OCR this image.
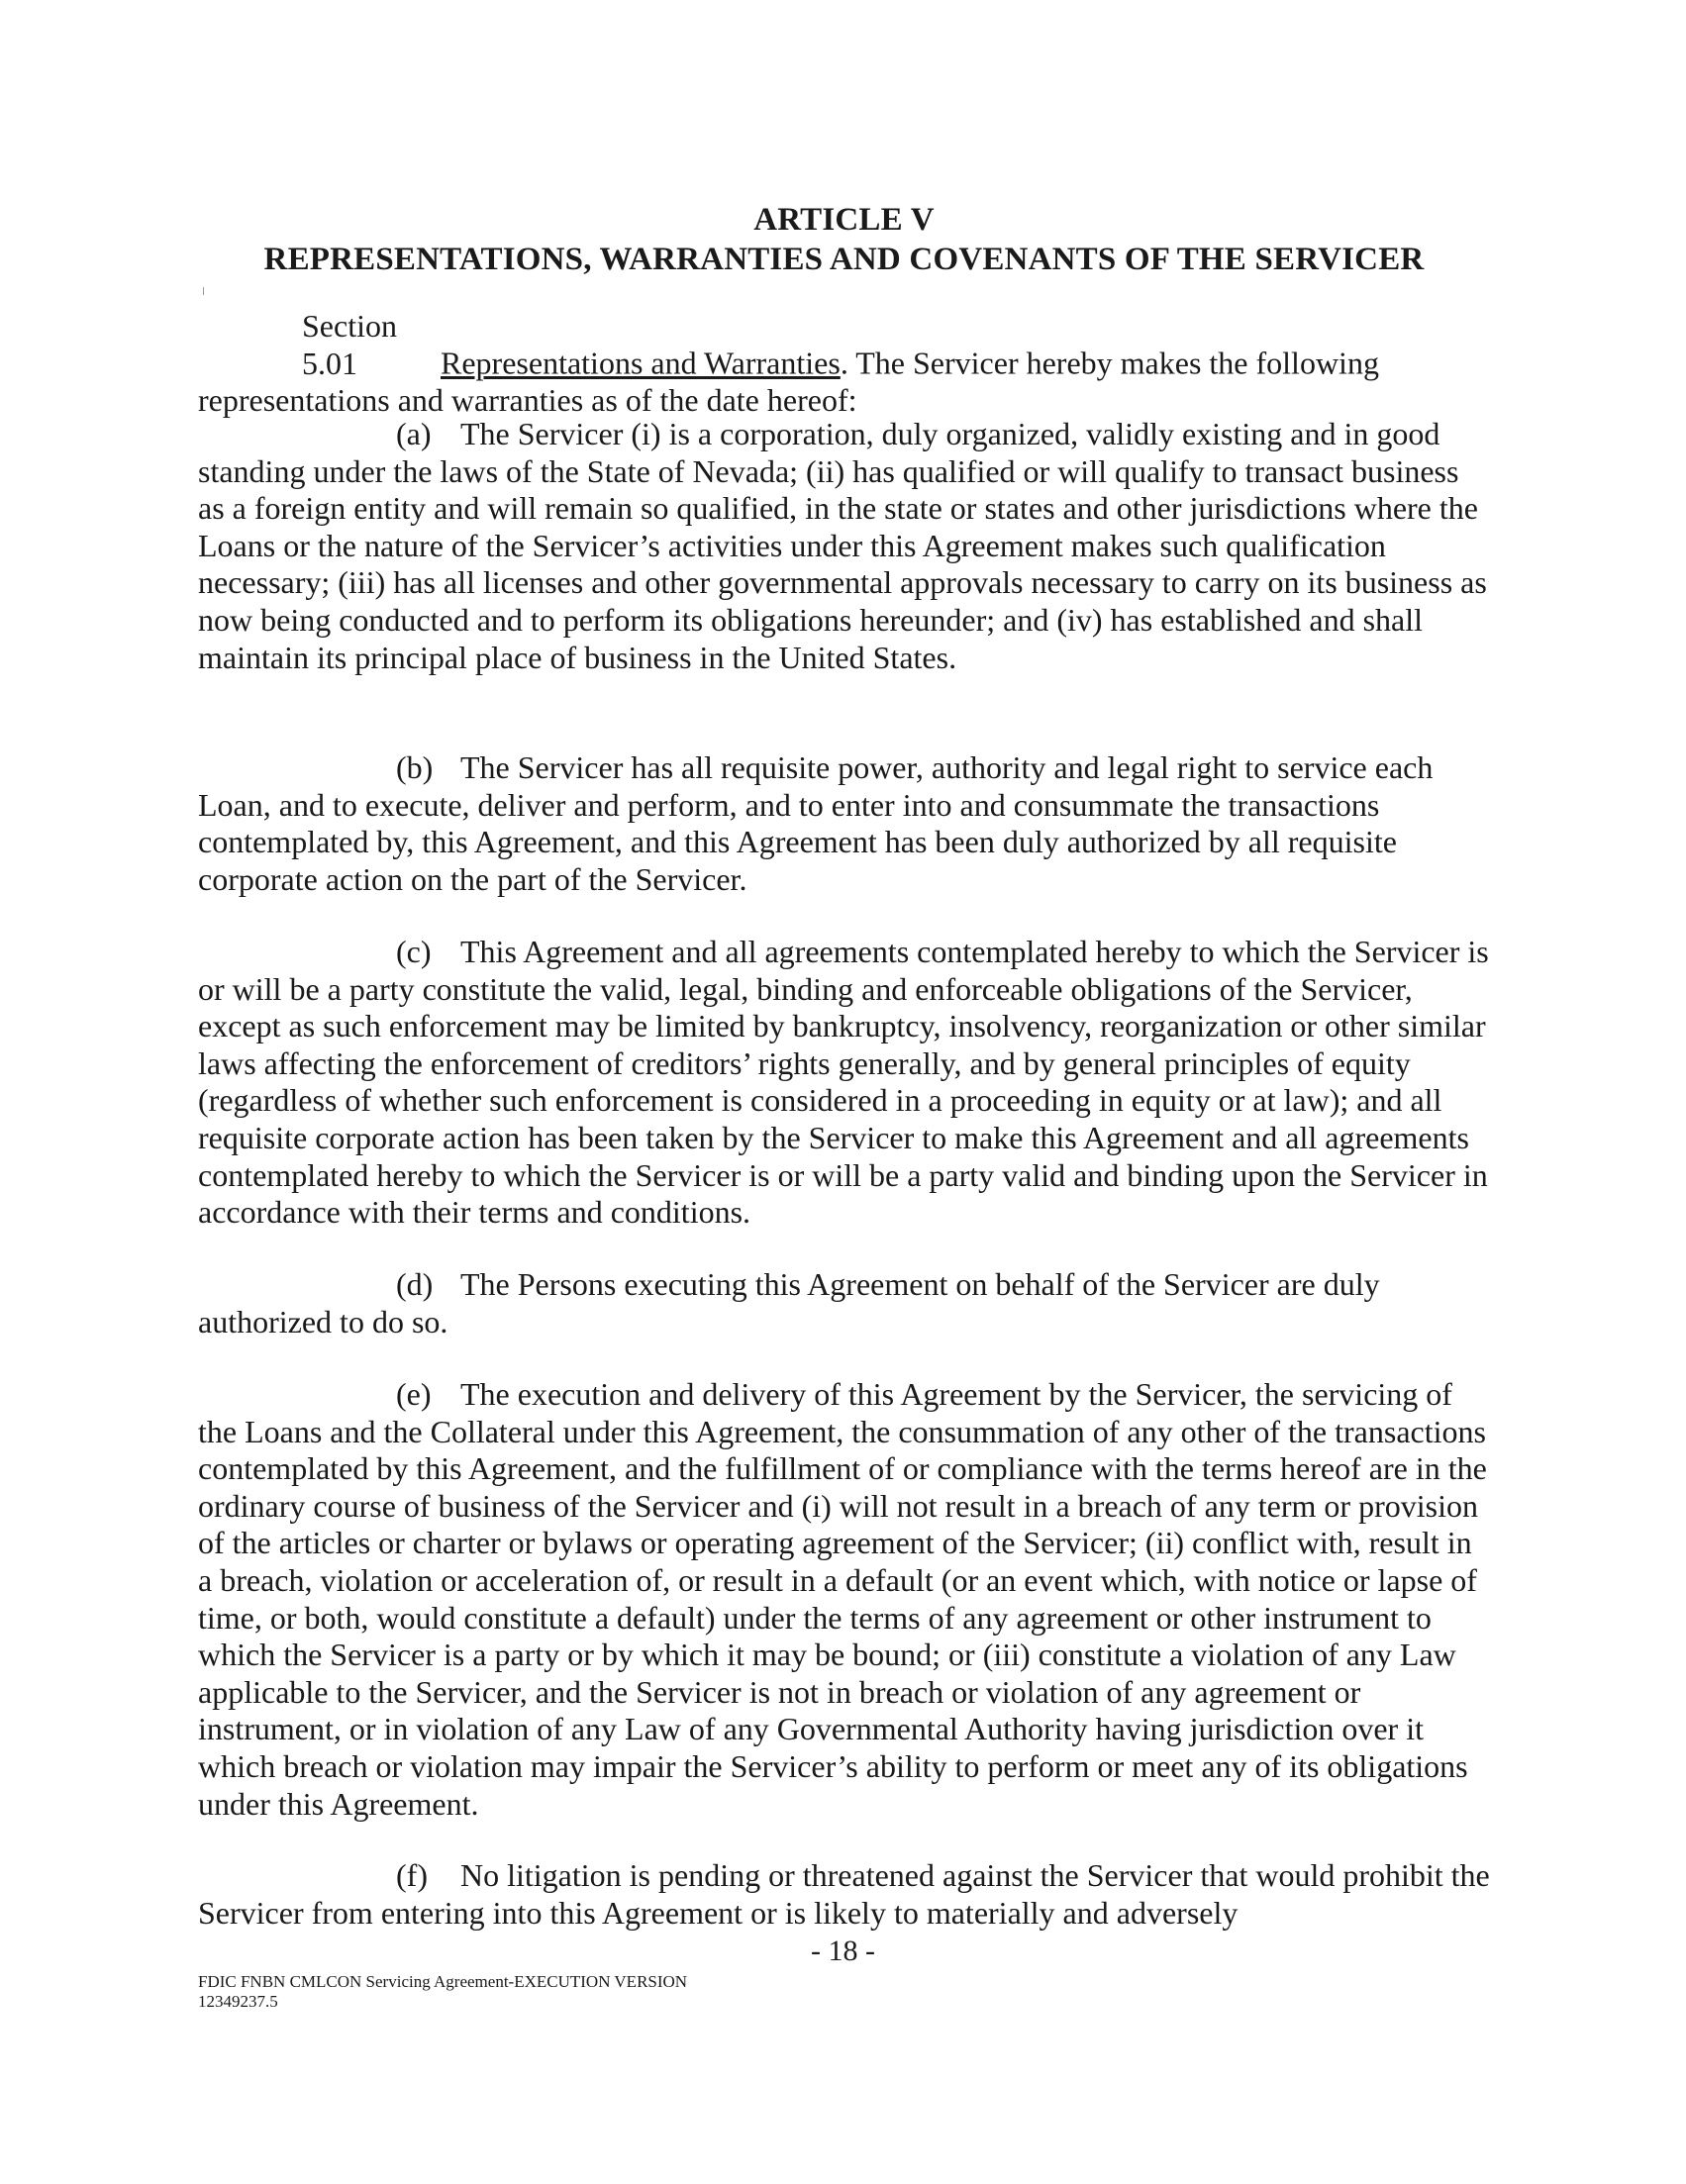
ARTICLE V
REPRESENTATIONS, WARRANTIES AND COVENANTS OF THE SERVICER

Section 5.01	Representations and Warranties. The Servicer hereby makes the following representations and warranties as of the date hereof:

(a) The Servicer (i) is a corporation, duly organized, validly existing and in good standing under the laws of the State of Nevada; (ii) has qualified or will qualify to transact business as a foreign entity and will remain so qualified, in the state or states and other jurisdictions where the Loans or the nature of the Servicer’s activities under this Agreement makes such qualification necessary; (iii) has all licenses and other governmental approvals necessary to carry on its business as now being conducted and to perform its obligations hereunder; and (iv) has established and shall maintain its principal place of business in the United States.

(b) The Servicer has all requisite power, authority and legal right to service each Loan, and to execute, deliver and perform, and to enter into and consummate the transactions contemplated by, this Agreement, and this Agreement has been duly authorized by all requisite corporate action on the part of the Servicer.

(c) This Agreement and all agreements contemplated hereby to which the Servicer is or will be a party constitute the valid, legal, binding and enforceable obligations of the Servicer, except as such enforcement may be limited by bankruptcy, insolvency, reorganization or other similar laws affecting the enforcement of creditors’ rights generally, and by general principles of equity (regardless of whether such enforcement is considered in a proceeding in equity or at law); and all requisite corporate action has been taken by the Servicer to make this Agreement and all agreements contemplated hereby to which the Servicer is or will be a party valid and binding upon the Servicer in accordance with their terms and conditions.

(d) The Persons executing this Agreement on behalf of the Servicer are duly authorized to do so.

(e) The execution and delivery of this Agreement by the Servicer, the servicing of the Loans and the Collateral under this Agreement, the consummation of any other of the transactions contemplated by this Agreement, and the fulfillment of or compliance with the terms hereof are in the ordinary course of business of the Servicer and (i) will not result in a breach of any term or provision of the articles or charter or bylaws or operating agreement of the Servicer; (ii) conflict with, result in a breach, violation or acceleration of, or result in a default (or an event which, with notice or lapse of time, or both, would constitute a default) under the terms of any agreement or other instrument to which the Servicer is a party or by which it may be bound; or (iii) constitute a violation of any Law applicable to the Servicer, and the Servicer is not in breach or violation of any agreement or instrument, or in violation of any Law of any Governmental Authority having jurisdiction over it which breach or violation may impair the Servicer’s ability to perform or meet any of its obligations under this Agreement.

(f) No litigation is pending or threatened against the Servicer that would prohibit the Servicer from entering into this Agreement or is likely to materially and adversely

- 18 -
FDIC FNBN CMLCON Servicing Agreement-EXECUTION VERSION
12349237.5
